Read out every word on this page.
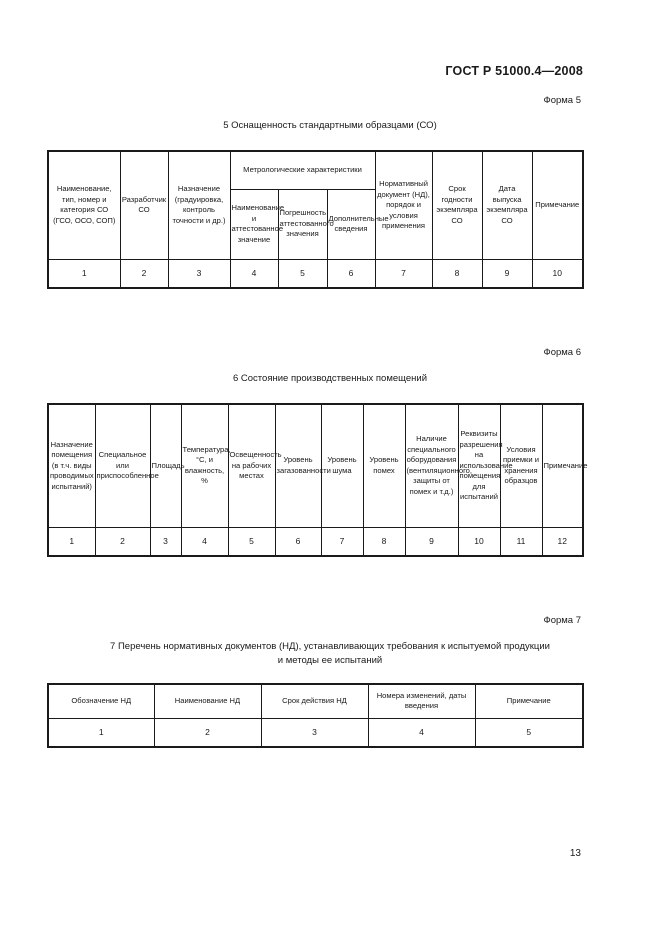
ГОСТ Р 51000.4—2008
Форма 5
5 Оснащенность стандартными образцами (СО)
Наименование, тип, номер и категория СО (ГСО, ОСО, СОП)	Разработчик СО	Назначение (градуировка, контроль точности и др.)	Метрологические характеристики			Нормативный документ (НД), порядок и условия применения	Срок годности экземпляра СО	Дата выпуска экземпляра СО	Примечание
			Наименование и аттестованное значение	Погрешность аттестованного значения	Дополнительные сведения				
1	2	3	4	5	6	7	8	9	10
Форма 6
6 Состояние производственных помещений
Назначение помещения (в т.ч. виды проводимых испытаний)	Специальное или приспособленное	Площадь	Температура, °С, и влажность, %	Освещенность на рабочих местах	Уровень загазованности	Уровень шума	Уровень помех	Наличие специального оборудования (вентиляционного, защиты от помех и т.д.)	Реквизиты разрешения на использование помещения для испытаний	Условия приемки и хранения образцов	Примечание
1	2	3	4	5	6	7	8	9	10	11	12
Форма 7
7 Перечень нормативных документов (НД), устанавливающих требования к испытуемой продукции
и методы ее испытаний
Обозначение НД	Наименование НД	Срок действия НД	Номера изменений, даты введения	Примечание
1	2	3	4	5
13
